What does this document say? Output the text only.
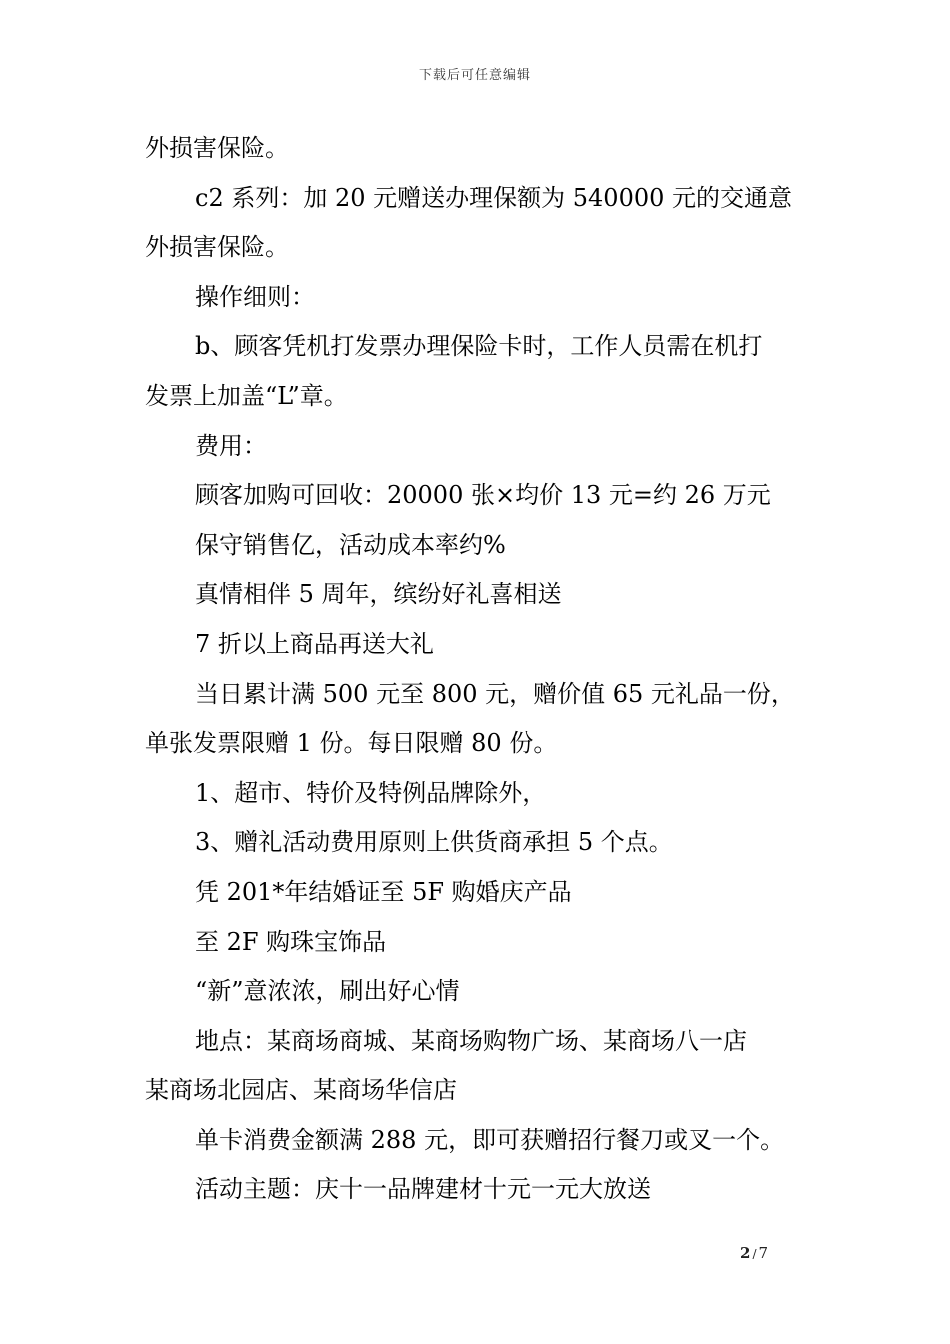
下载后可任意编辑
外损害保险。
c2 系列：加 20 元赠送办理保额为 540000 元的交通意
外损害保险。
操作细则：
b、顾客凭机打发票办理保险卡时，工作人员需在机打
发票上加盖“L”章。
费用：
顾客加购可回收：20000 张×均价 13 元=约 26 万元
保守销售亿，活动成本率约%
真情相伴 5 周年，缤纷好礼喜相送
7 折以上商品再送大礼
当日累计满 500 元至 800 元，赠价值 65 元礼品一份，
单张发票限赠 1 份。每日限赠 80 份。
1、超市、特价及特例品牌除外，
3、赠礼活动费用原则上供货商承担 5 个点。
凭 201*年结婚证至 5F 购婚庆产品
至 2F 购珠宝饰品
“新”意浓浓，刷出好心情
地点：某商场商城、某商场购物广场、某商场八一店
某商场北园店、某商场华信店
单卡消费金额满 288 元，即可获赠招行餐刀或叉一个。
活动主题：庆十一品牌建材十元一元大放送
2 / 7
